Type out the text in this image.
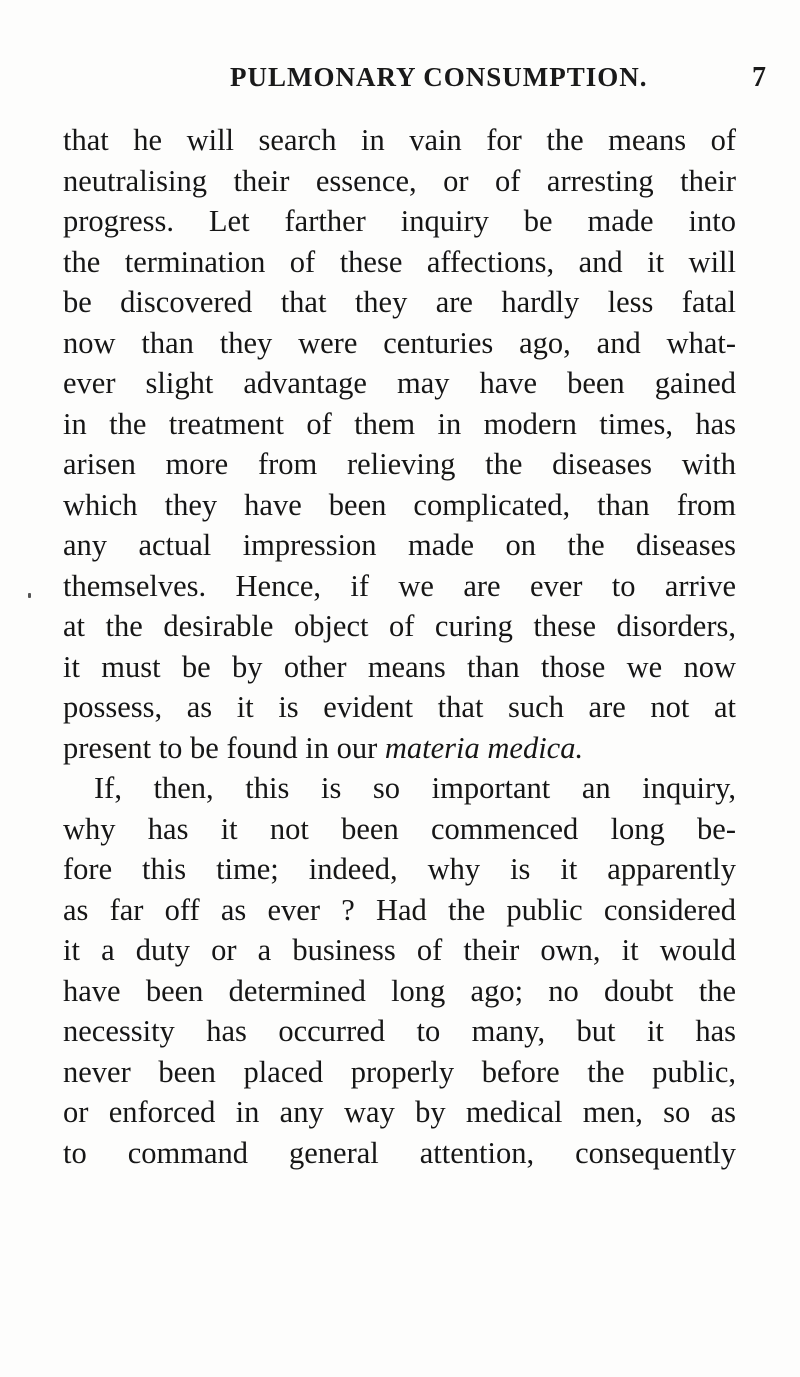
PULMONARY CONSUMPTION.	7
that he will search in vain for the means of
neutralising their essence, or of arresting their
progress. Let farther inquiry be made into
the termination of these affections, and it will
be discovered that they are hardly less fatal
now than they were centuries ago, and what-
ever slight advantage may have been gained
in the treatment of them in modern times, has
arisen more from relieving the diseases with
which they have been complicated, than from
any actual impression made on the diseases
themselves. Hence, if we are ever to arrive
at the desirable object of curing these disorders,
it must be by other means than those we now
possess, as it is evident that such are not at
present to be found in our materia medica.
If, then, this is so important an inquiry,
why has it not been commenced long be-
fore this time; indeed, why is it apparently
as far off as ever ? Had the public considered
it a duty or a business of their own, it would
have been determined long ago; no doubt the
necessity has occurred to many, but it has
never been placed properly before the public,
or enforced in any way by medical men, so as
to command general attention, consequently
